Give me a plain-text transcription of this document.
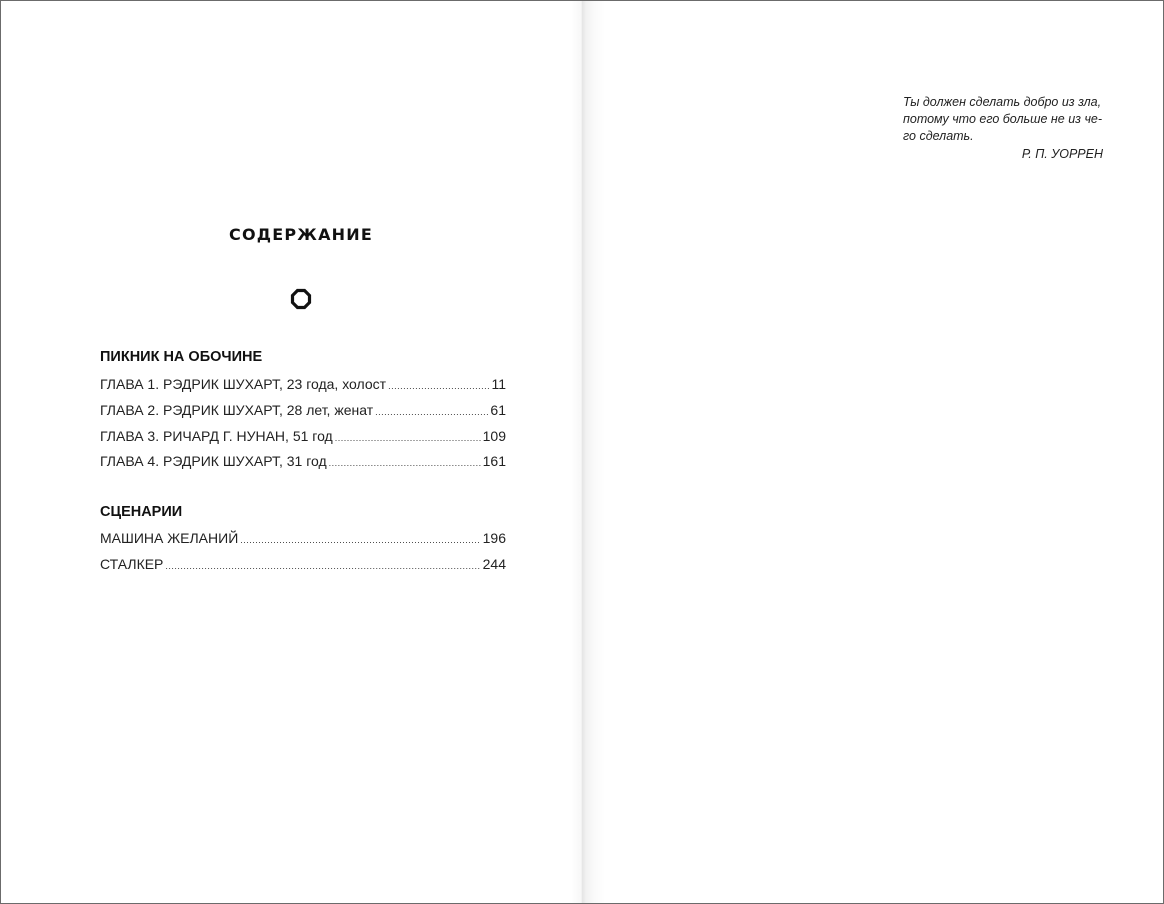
СОДЕРЖАНИЕ
ПИКНИК НА ОБОЧИНЕ
ГЛАВА 1. РЭДРИК ШУХАРТ, 23 года, холост .....	11
ГЛАВА 2. РЭДРИК ШУХАРТ, 28 лет, женат .....	61
ГЛАВА 3. РИЧАРД Г. НУНАН, 51 год .....	109
ГЛАВА 4. РЭДРИК ШУХАРТ, 31 год .....	161
СЦЕНАРИИ
МАШИНА ЖЕЛАНИЙ .....	196
СТАЛКЕР .....	244
Ты должен сделать добро из зла,
потому что его больше не из че-
го сделать.
Р. П. УОРРЕН
